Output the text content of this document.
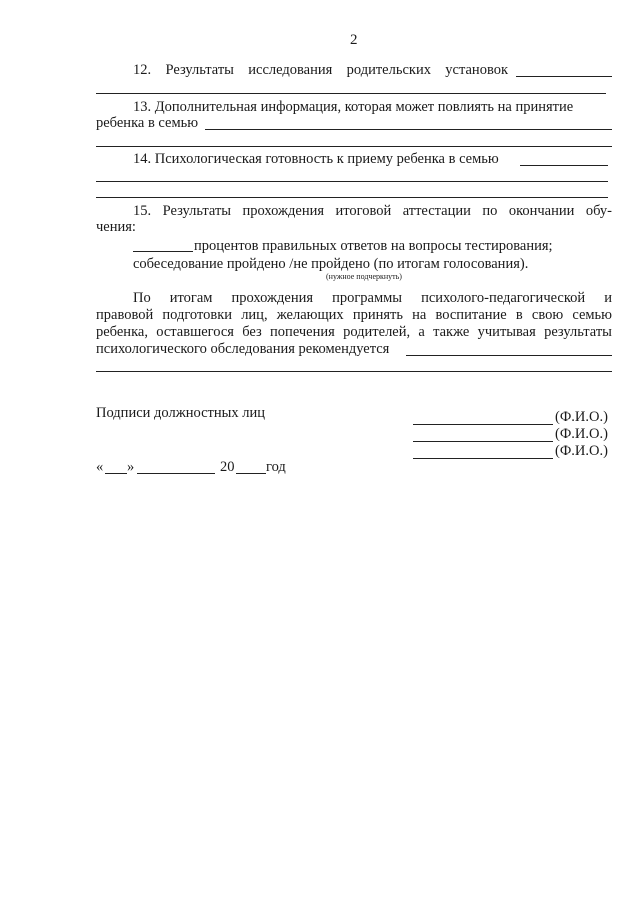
2
12. Результаты исследования родительских установок
13. Дополнительная информация, которая может повлиять на принятие
ребенка в семью
14. Психологическая готовность к приему ребенка в семью
15. Результаты прохождения итоговой аттестации по окончании обу-
чения:
процентов правильных ответов на вопросы тестирования;
собеседование пройдено /не пройдено (по итогам голосования).
(нужное подчеркнуть)
По итогам прохождения программы психолого-педагогической и
правовой подготовки лиц, желающих принять на воспитание в свою семью
ребенка, оставшегося без попечения родителей, а также учитывая результаты
психологического обследования рекомендуется
Подписи должностных лиц	(Ф.И.О.)
(Ф.И.О.)
(Ф.И.О.)
« »	20 год
